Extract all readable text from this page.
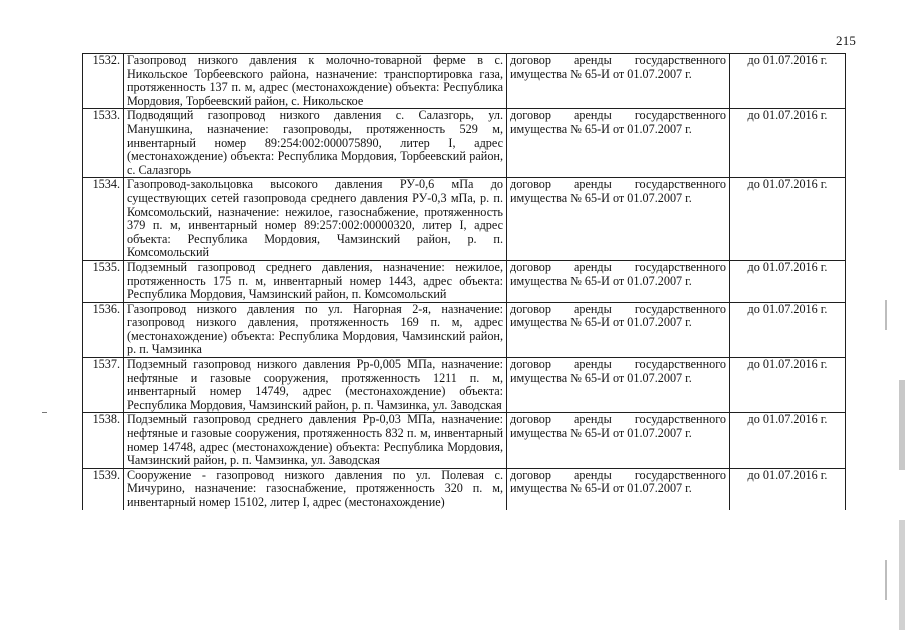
215
1532.	Газопровод низкого давления к молочно-товарной ферме в с. Никольское Торбеевского района, назначение: транспортировка газа, протяженность 137 п. м, адрес (местонахождение) объекта: Республика Мордовия, Торбеевский район, с. Никольское	договор аренды государственного имущества № 65-И от 01.07.2007 г.	до 01.07.2016 г.
1533.	Подводящий газопровод низкого давления с. Салазгорь, ул. Манушкина, назначение: газопроводы, протяженность 529 м, инвентарный номер 89:254:002:000075890, литер I, адрес (местонахождение) объекта: Республика Мордовия, Торбеевский район, с. Салазгорь	договор аренды государственного имущества № 65-И от 01.07.2007 г.	до 01.07.2016 г.
1534.	Газопровод-закольцовка высокого давления РУ-0,6 мПа до существующих сетей газопровода среднего давления РУ-0,3 мПа, р. п. Комсомольский, назначение: нежилое, газоснабжение, протяженность 379 п. м, инвентарный номер 89:257:002:00000320, литер I, адрес объекта: Республика Мордовия, Чамзинский район, р. п. Комсомольский	договор аренды государственного имущества № 65-И от 01.07.2007 г.	до 01.07.2016 г.
1535.	Подземный газопровод среднего давления, назначение: нежилое, протяженность 175 п. м, инвентарный номер 1443, адрес объекта: Республика Мордовия, Чамзинский район, п. Комсомольский	договор аренды государственного имущества № 65-И от 01.07.2007 г.	до 01.07.2016 г.
1536.	Газопровод низкого давления по ул. Нагорная 2-я, назначение: газопровод низкого давления, протяженность 169 п. м, адрес (местонахождение) объекта: Республика Мордовия, Чамзинский район, р. п. Чамзинка	договор аренды государственного имущества № 65-И от 01.07.2007 г.	до 01.07.2016 г.
1537.	Подземный газопровод низкого давления Рр-0,005 МПа, назначение: нефтяные и газовые сооружения, протяженность 1211 п. м, инвентарный номер 14749, адрес (местонахождение) объекта: Республика Мордовия, Чамзинский район, р. п. Чамзинка, ул. Заводская	договор аренды государственного имущества № 65-И от 01.07.2007 г.	до 01.07.2016 г.
1538.	Подземный газопровод среднего давления Рр-0,03 МПа, назначение: нефтяные и газовые сооружения, протяженность 832 п. м, инвентарный номер 14748, адрес (местонахождение) объекта: Республика Мордовия, Чамзинский район, р. п. Чамзинка, ул. Заводская	договор аренды государственного имущества № 65-И от 01.07.2007 г.	до 01.07.2016 г.
1539.	Сооружение - газопровод низкого давления по ул. Полевая с. Мичурино, назначение: газоснабжение, протяженность 320 п. м, инвентарный номер 15102, литер I, адрес (местонахождение)	договор аренды государственного имущества № 65-И от 01.07.2007 г.	до 01.07.2016 г.
